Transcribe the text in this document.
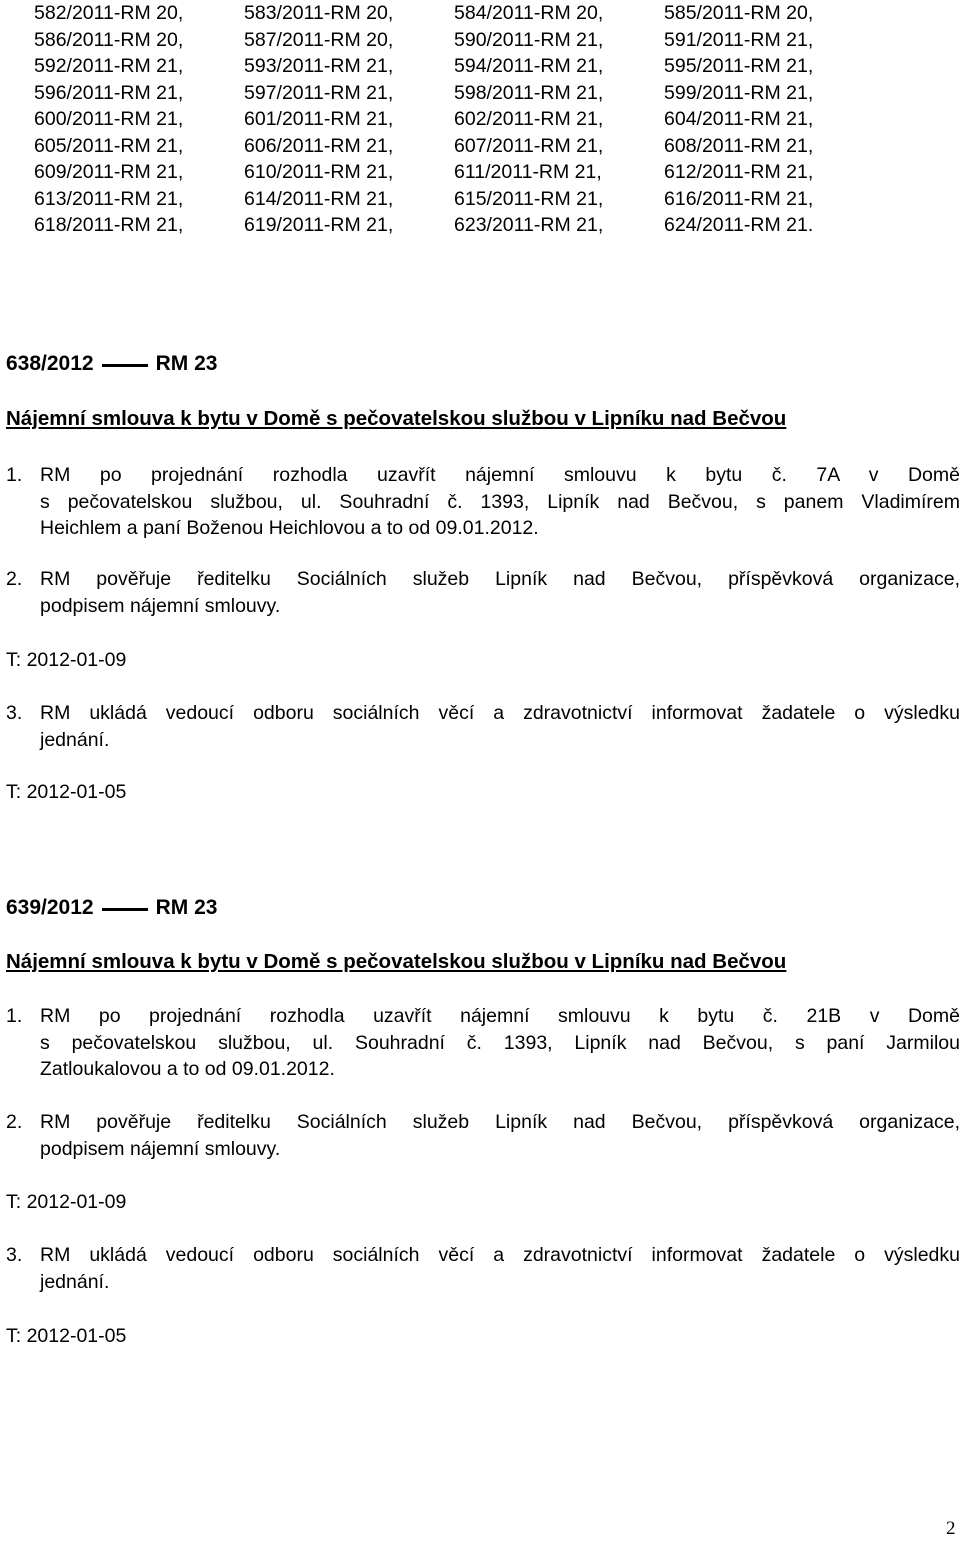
582/2011-RM 20,	583/2011-RM 20,	584/2011-RM 20,	585/2011-RM 20,
586/2011-RM 20,	587/2011-RM 20,	590/2011-RM 21,	591/2011-RM 21,
592/2011-RM 21,	593/2011-RM 21,	594/2011-RM 21,	595/2011-RM 21,
596/2011-RM 21,	597/2011-RM 21,	598/2011-RM 21,	599/2011-RM 21,
600/2011-RM 21,	601/2011-RM 21,	602/2011-RM 21,	604/2011-RM 21,
605/2011-RM 21,	606/2011-RM 21,	607/2011-RM 21,	608/2011-RM 21,
609/2011-RM 21,	610/2011-RM 21,	611/2011-RM 21,	612/2011-RM 21,
613/2011-RM 21,	614/2011-RM 21,	615/2011-RM 21,	616/2011-RM 21,
618/2011-RM 21,	619/2011-RM 21,	623/2011-RM 21,	624/2011-RM 21.
638/2012	RM 23
Nájemní smlouva k bytu v Domě s pečovatelskou službou v Lipníku nad Bečvou
1. RM po projednání rozhodla uzavřít nájemní smlouvu k bytu č. 7A v Domě
s pečovatelskou službou, ul. Souhradní č. 1393, Lipník nad Bečvou, s panem Vladimírem
Heichlem a paní Boženou Heichlovou a to od 09.01.2012.
2. RM pověřuje ředitelku Sociálních služeb Lipník nad Bečvou, příspěvková organizace,
podpisem nájemní smlouvy.
T: 2012-01-09
3. RM ukládá vedoucí odboru sociálních věcí a zdravotnictví informovat žadatele o výsledku
jednání.
T: 2012-01-05
639/2012	RM 23
Nájemní smlouva k bytu v Domě s pečovatelskou službou v Lipníku nad Bečvou
1. RM po projednání rozhodla uzavřít nájemní smlouvu k bytu č. 21B v Domě
s pečovatelskou službou, ul. Souhradní č. 1393, Lipník nad Bečvou, s paní Jarmilou
Zatloukalovou a to od 09.01.2012.
2. RM pověřuje ředitelku Sociálních služeb Lipník nad Bečvou, příspěvková organizace,
podpisem nájemní smlouvy.
T: 2012-01-09
3. RM ukládá vedoucí odboru sociálních věcí a zdravotnictví informovat žadatele o výsledku
jednání.
T: 2012-01-05
2
